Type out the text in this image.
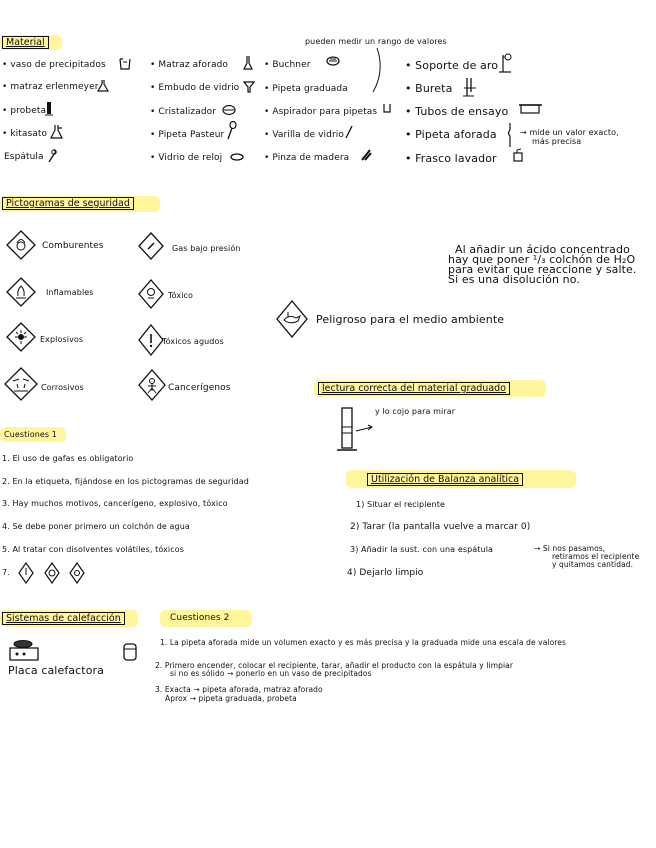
Material	pueden medir un rango de valores
• vaso de precipitados
• matraz erlenmeyer
• probeta
• kitasato
Espátula
• Matraz aforado
• Embudo de vidrio
• Cristalizador
• Pipeta Pasteur
• Vidrio de reloj
• Buchner
• Pipeta graduada
• Aspirador para pipetas
• Varilla de vidrio
• Pinza de madera
• Soporte de aro
• Bureta
• Tubos de ensayo
• Pipeta aforada
• Frasco lavador
→ mide un valor exacto,
más precisa
Pictogramas de seguridad
Comburentes
Inflamables
Explosivos
Corrosivos
Gas bajo presión
Tóxico
Tóxicos agudos
Cancerígenos
Peligroso para el medio ambiente
Al añadir un ácido concentrado
hay que poner ¹/₃ colchón de H₂O
para evitar que reaccione y salte.
Si es una disolución no.
lectura correcta del material graduado
y lo cojo para mirar
Cuestiones 1
1. El uso de gafas es obligatorio
2. En la etiqueta, fijándose en los pictogramas de seguridad
3. Hay muchos motivos, cancerígeno, explosivo, tóxico
4. Se debe poner primero un colchón de agua
5. Al tratar con disolventes volátiles, tóxicos
7.
Utilización de Balanza analítica
1) Situar el recipiente
2) Tarar (la pantalla vuelve a marcar 0)
3) Añadir la sust. con una espátula
4) Dejarlo limpio
→ Si nos pasamos,
retiramos el recipiente
y quitamos cantidad.
Sistemas de calefacción
Placa calefactora
Cuestiones 2
1. La pipeta aforada mide un volumen exacto y es más precisa y la graduada mide una escala de valores
2. Primero encender, colocar el recipiente, tarar, añadir el producto con la espátula y limpiar
si no es sólido → ponerlo en un vaso de precipitados
3. Exacta → pipeta aforada, matraz aforado
Aprox → pipeta graduada, probeta
